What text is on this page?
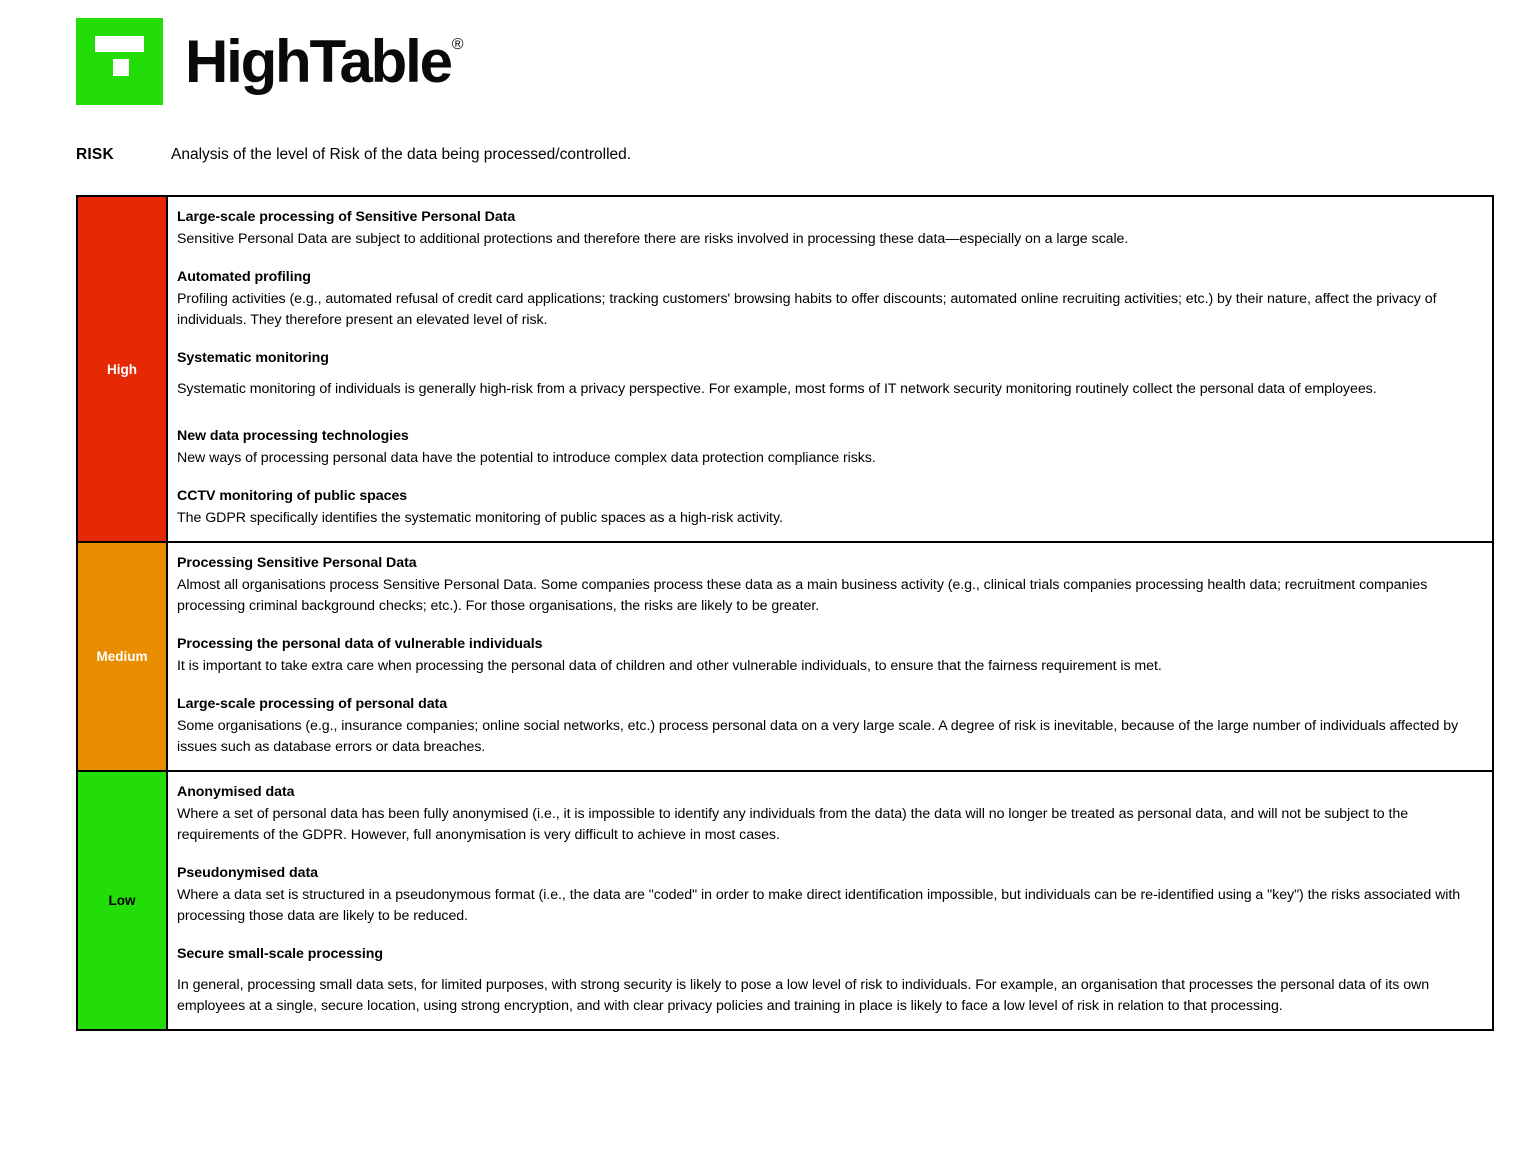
HighTable®
RISK	Analysis of the level of Risk of the data being processed/controlled.
High	
Large-scale processing of Sensitive Personal Data
Sensitive Personal Data are subject to additional protections and therefore there are risks involved in processing these data—especially on a large scale.
Automated profiling
Profiling activities (e.g., automated refusal of credit card applications; tracking customers' browsing habits to offer discounts; automated online recruiting activities; etc.) by their nature, affect the privacy of individuals. They therefore present an elevated level of risk.
Systematic monitoring
Systematic monitoring of individuals is generally high-risk from a privacy perspective. For example, most forms of IT network security monitoring routinely collect the personal data of employees.
New data processing technologies
New ways of processing personal data have the potential to introduce complex data protection compliance risks.
CCTV monitoring of public spaces
The GDPR specifically identifies the systematic monitoring of public spaces as a high-risk activity.

Medium	
Processing Sensitive Personal Data
Almost all organisations process Sensitive Personal Data. Some companies process these data as a main business activity (e.g., clinical trials companies processing health data; recruitment companies processing criminal background checks; etc.). For those organisations, the risks are likely to be greater.
Processing the personal data of vulnerable individuals
It is important to take extra care when processing the personal data of children and other vulnerable individuals, to ensure that the fairness requirement is met.
Large-scale processing of personal data
Some organisations (e.g., insurance companies; online social networks, etc.) process personal data on a very large scale. A degree of risk is inevitable, because of the large number of individuals affected by issues such as database errors or data breaches.

Low	
Anonymised data
Where a set of personal data has been fully anonymised (i.e., it is impossible to identify any individuals from the data) the data will no longer be treated as personal data, and will not be subject to the requirements of the GDPR. However, full anonymisation is very difficult to achieve in most cases.
Pseudonymised data
Where a data set is structured in a pseudonymous format (i.e., the data are "coded" in order to make direct identification impossible, but individuals can be re-identified using a "key") the risks associated with processing those data are likely to be reduced.
Secure small-scale processing
In general, processing small data sets, for limited purposes, with strong security is likely to pose a low level of risk to individuals. For example, an organisation that processes the personal data of its own employees at a single, secure location, using strong encryption, and with clear privacy policies and training in place is likely to face a low level of risk in relation to that processing.
